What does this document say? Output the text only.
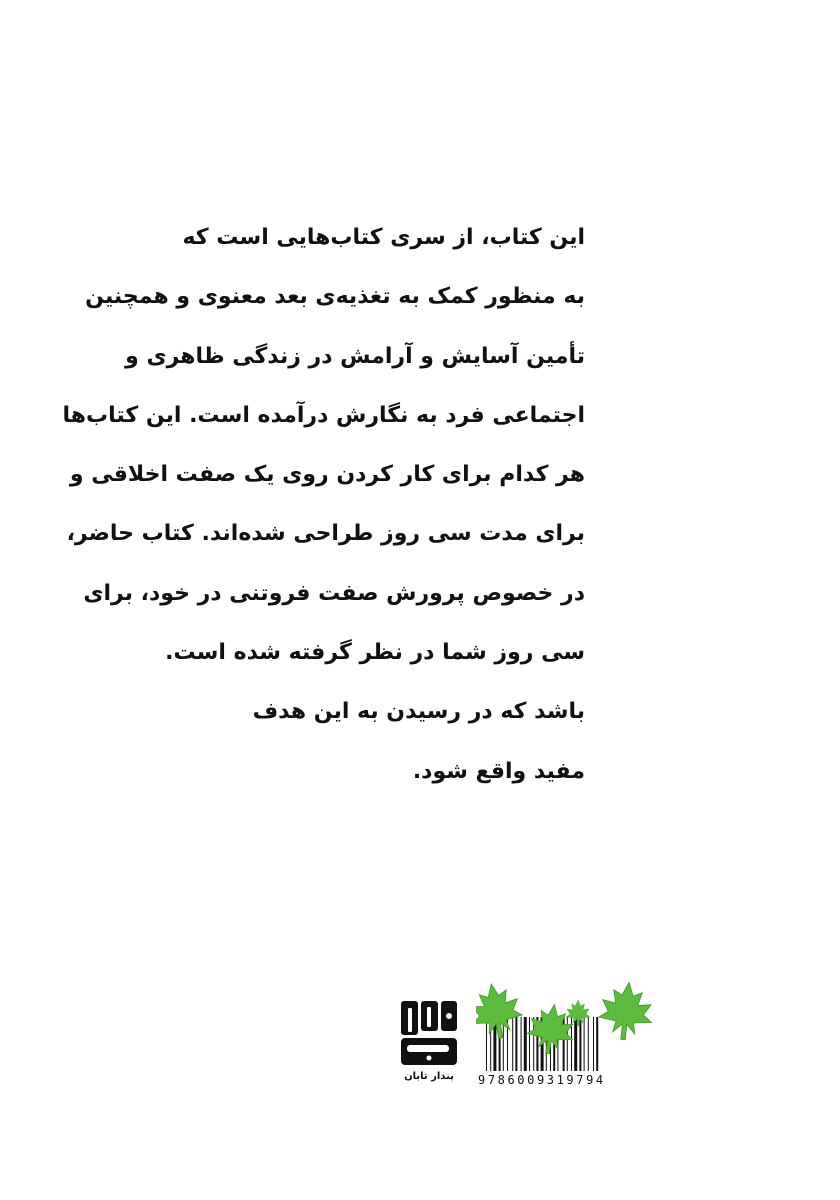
این کتاب، از سری کتاب‌هایی است که
به منظور کمک به تغذیه‌ی بعد معنوی و همچنین
تأمین آسایش و آرامش در زندگی ظاهری و
اجتماعی فرد به نگارش درآمده است. این کتاب‌ها
هر کدام برای کار کردن روی یک صفت اخلاقی و
برای مدت سی روز طراحی شده‌اند. کتاب حاضر،
در خصوص پرورش صفت فروتنی در خود، برای
سی روز شما در نظر گرفته شده است.
باشد که در رسیدن به این هدف
مفید واقع شود.
پندار تابان	9786009319794
